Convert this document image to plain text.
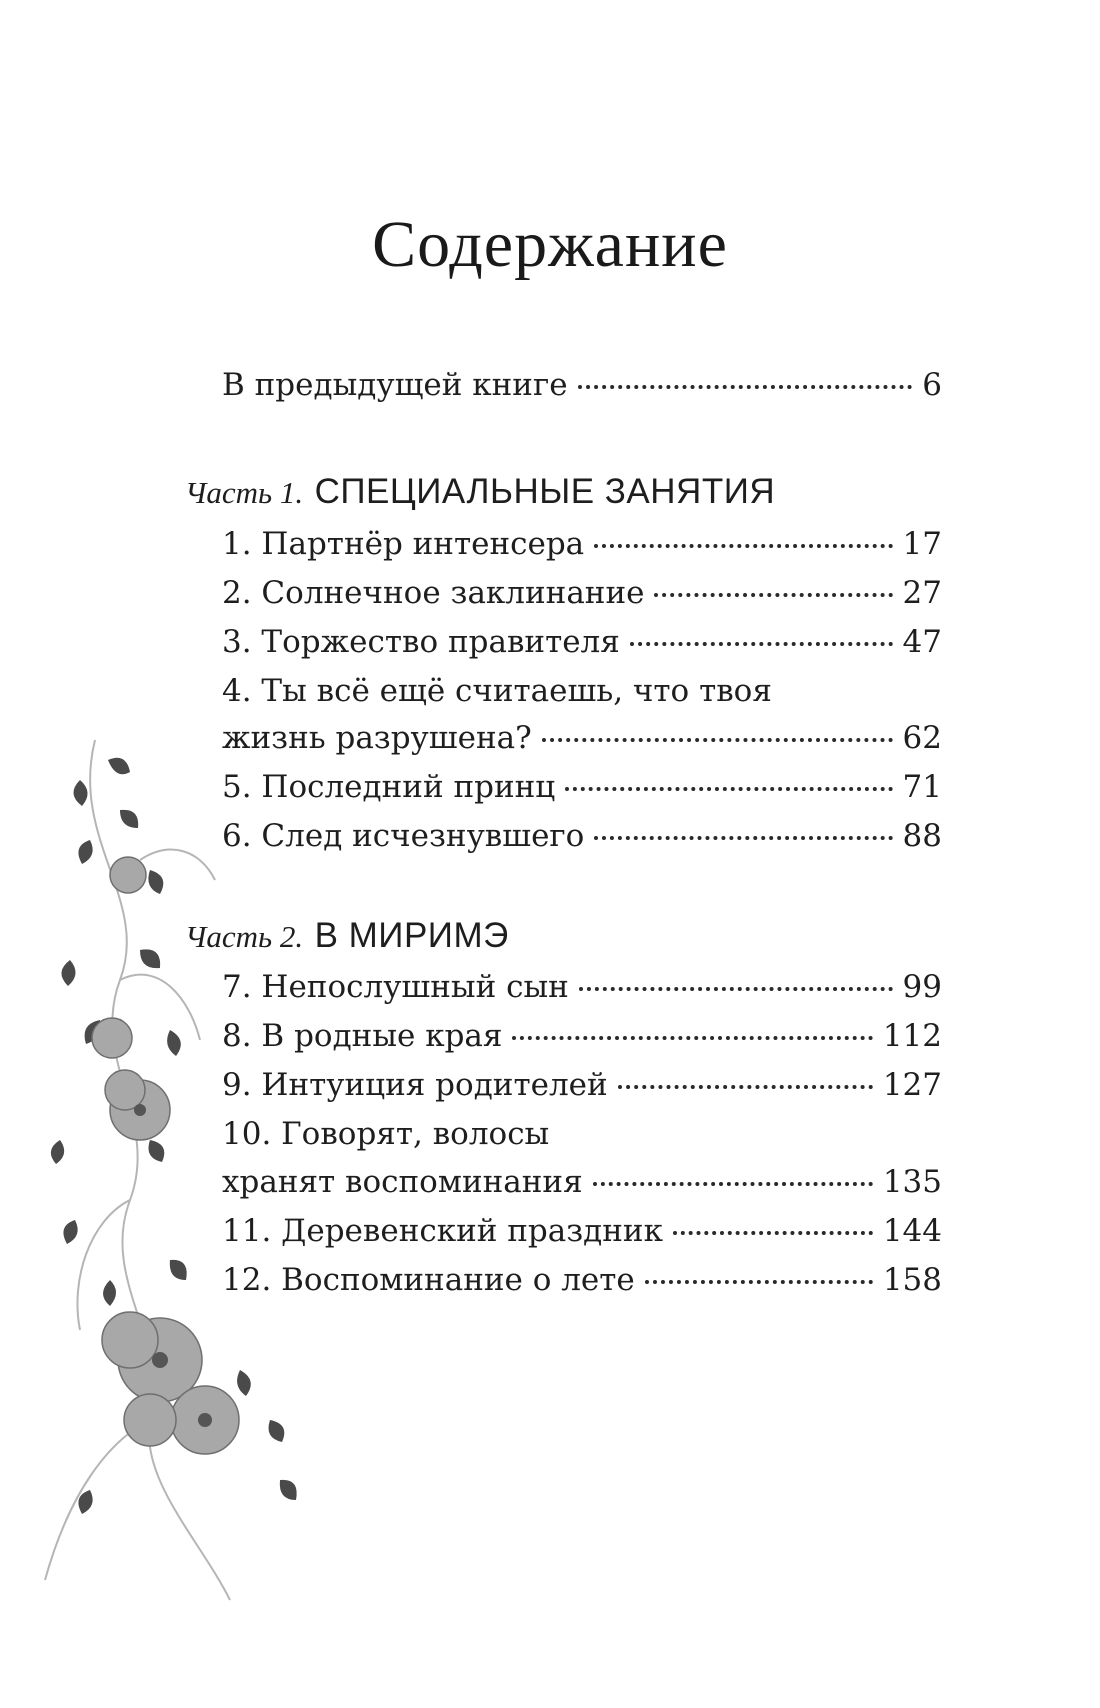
Содержание
В предыдущей книге	6
Часть 1. СПЕЦИАЛЬНЫЕ ЗАНЯТИЯ
1. Партнёр интенсера	17
2. Солнечное заклинание	27
3. Торжество правителя	47
4. Ты всё ещё считаешь, что твоя
жизнь разрушена?	62
5. Последний принц	71
6. След исчезнувшего	88
Часть 2. В МИРИМЭ
7. Непослушный сын	99
8. В родные края	112
9. Интуиция родителей	127
10. Говорят, волосы
хранят воспоминания	135
11. Деревенский праздник	144
12. Воспоминание о лете	158
